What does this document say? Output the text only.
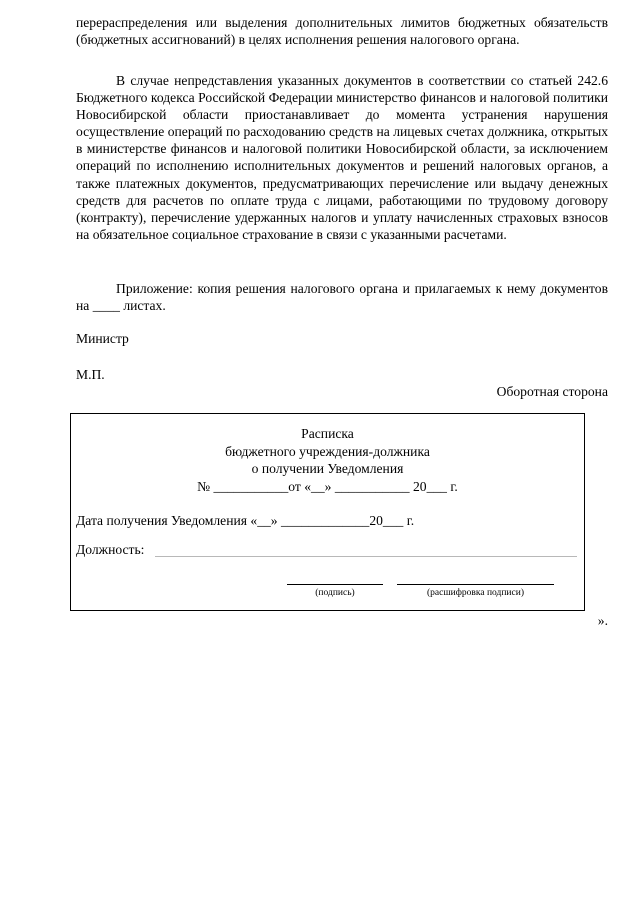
перераспределения или выделения дополнительных лимитов бюджетных обязательств (бюджетных ассигнований) в целях исполнения решения налогового органа.

В случае непредставления указанных документов в соответствии со статьей 242.6 Бюджетного кодекса Российской Федерации министерство финансов и налоговой политики Новосибирской области приостанавливает до момента устранения нарушения осуществление операций по расходованию средств на лицевых счетах должника, открытых в министерстве финансов и налоговой политики Новосибирской области, за исключением операций по исполнению исполнительных документов и решений налоговых органов, а также платежных документов, предусматривающих перечисление или выдачу денежных средств для расчетов по оплате труда с лицами, работающими по трудовому договору (контракту), перечисление удержанных налогов и уплату начисленных страховых взносов на обязательное социальное страхование в связи с указанными расчетами.

Приложение: копия решения налогового органа и прилагаемых к нему документов на ____ листах.

Министр
М.П.
Оборотная сторона
Расписка
бюджетного учреждения-должника
о получении Уведомления
№ ___________от «__» ___________ 20___ г.
Дата получения Уведомления «__» _____________20___ г.
Должность:
(подпись)	(расшифровка подписи)
».
